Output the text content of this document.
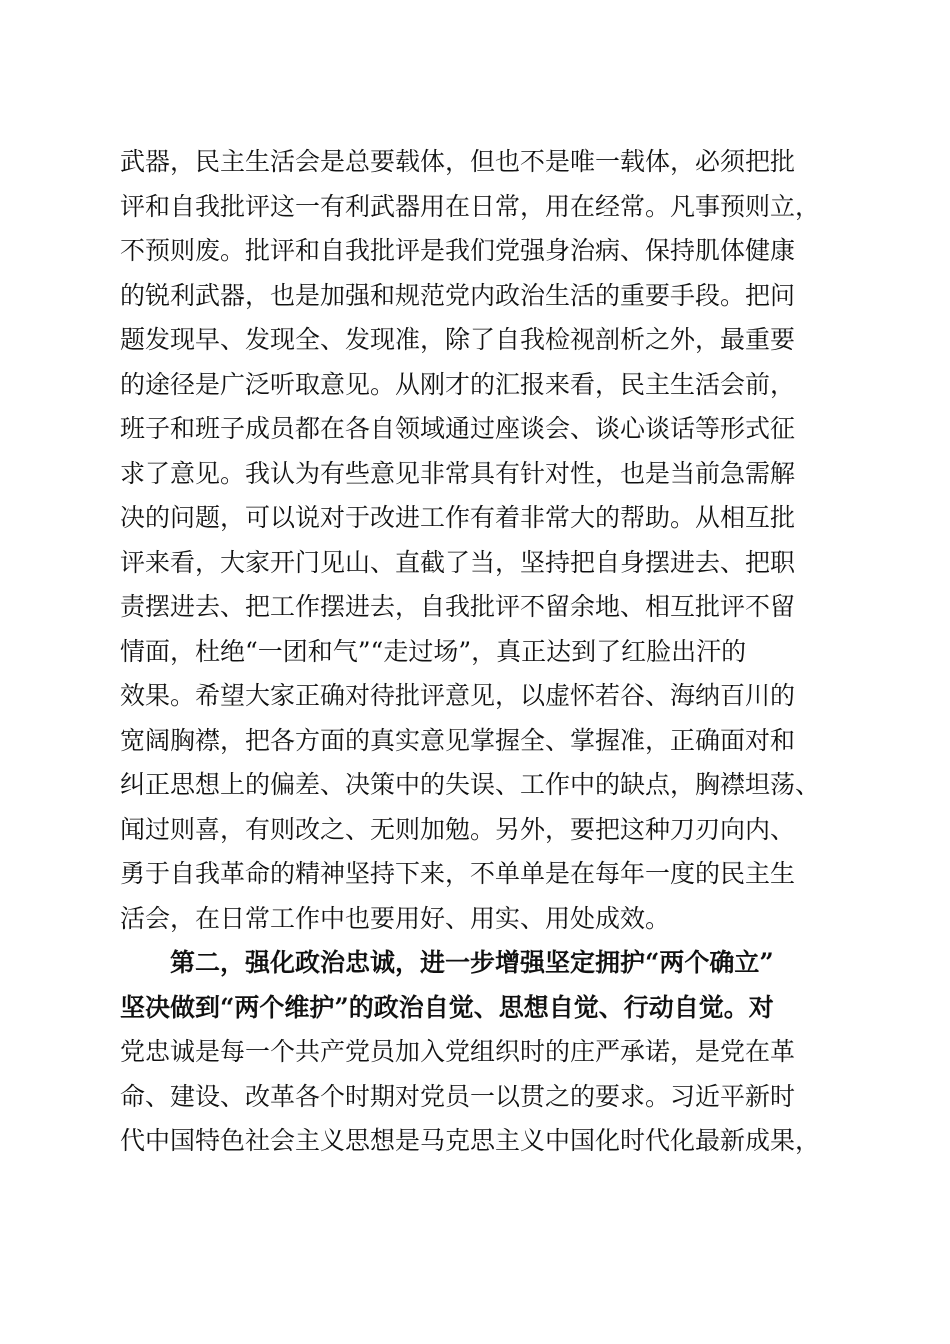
武器，民主生活会是总要载体，但也不是唯一载体，必须把批
评和自我批评这一有利武器用在日常，用在经常。凡事预则立，
不预则废。批评和自我批评是我们党强身治病、保持肌体健康
的锐利武器，也是加强和规范党内政治生活的重要手段。把问
题发现早、发现全、发现准，除了自我检视剖析之外，最重要
的途径是广泛听取意见。从刚才的汇报来看，民主生活会前，
班子和班子成员都在各自领域通过座谈会、谈心谈话等形式征
求了意见。我认为有些意见非常具有针对性，也是当前急需解
决的问题，可以说对于改进工作有着非常大的帮助。从相互批
评来看，大家开门见山、直截了当，坚持把自身摆进去、把职
责摆进去、把工作摆进去，自我批评不留余地、相互批评不留
情面，杜绝“一团和气”“走过场”，真正达到了红脸出汗的
效果。希望大家正确对待批评意见，以虚怀若谷、海纳百川的
宽阔胸襟，把各方面的真实意见掌握全、掌握准，正确面对和
纠正思想上的偏差、决策中的失误、工作中的缺点，胸襟坦荡、
闻过则喜，有则改之、无则加勉。另外，要把这种刀刃向内、
勇于自我革命的精神坚持下来，不单单是在每年一度的民主生
活会，在日常工作中也要用好、用实、用处成效。
第二，强化政治忠诚，进一步增强坚定拥护“两个确立”
坚决做到“两个维护”的政治自觉、思想自觉、行动自觉。对
党忠诚是每一个共产党员加入党组织时的庄严承诺，是党在革
命、建设、改革各个时期对党员一以贯之的要求。习近平新时
代中国特色社会主义思想是马克思主义中国化时代化最新成果，
